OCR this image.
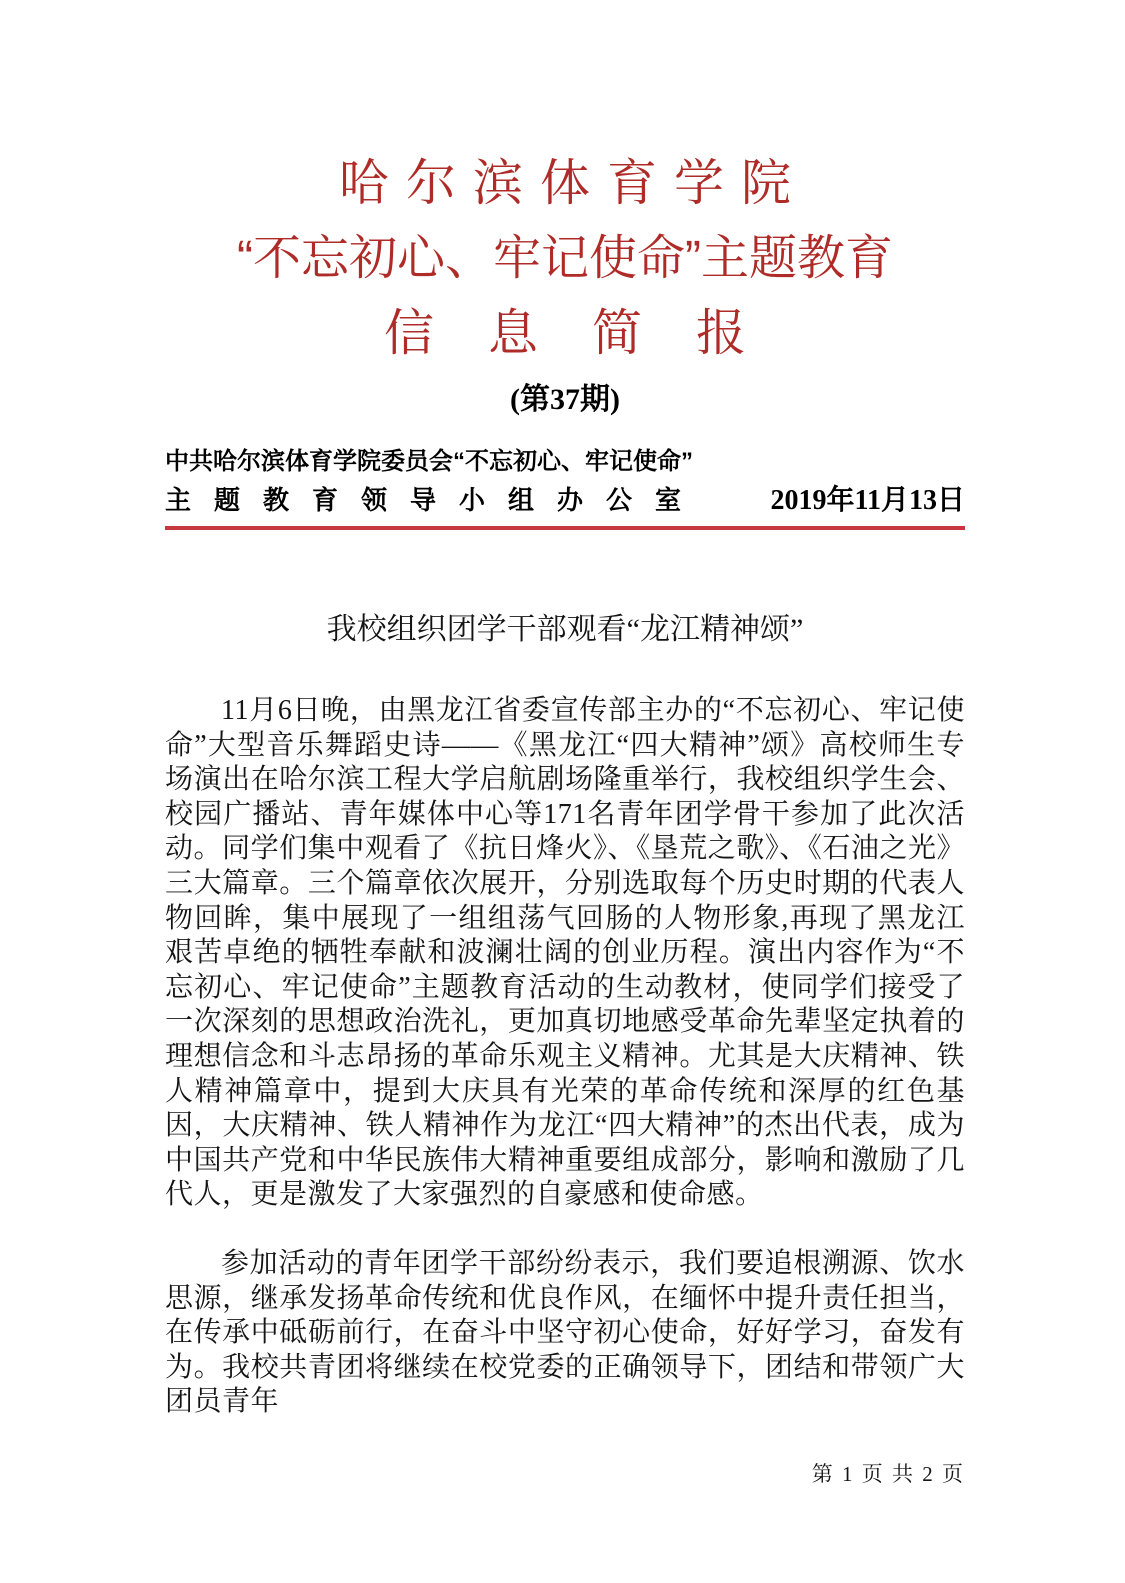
哈尔滨体育学院
“不忘初心、牢记使命”主题教育
信息简报
(第37期)
中共哈尔滨体育学院委员会“不忘初心、牢记使命”
主题教育领导小组办公室 2019年11月13日
我校组织团学干部观看“龙江精神颂”

11月6日晚，由黑龙江省委宣传部主办的“不忘初心、牢记使命”大型音乐舞蹈史诗——《黑龙江“四大精神”颂》高校师生专场演出在哈尔滨工程大学启航剧场隆重举行，我校组织学生会、校园广播站、青年媒体中心等171名青年团学骨干参加了此次活动。同学们集中观看了《抗日烽火》、《垦荒之歌》、《石油之光》三大篇章。三个篇章依次展开，分别选取每个历史时期的代表人物回眸，集中展现了一组组荡气回肠的人物形象,再现了黑龙江艰苦卓绝的牺牲奉献和波澜壮阔的创业历程。演出内容作为“不忘初心、牢记使命”主题教育活动的生动教材，使同学们接受了一次深刻的思想政治洗礼，更加真切地感受革命先辈坚定执着的理想信念和斗志昂扬的革命乐观主义精神。尤其是大庆精神、铁人精神篇章中，提到大庆具有光荣的革命传统和深厚的红色基因，大庆精神、铁人精神作为龙江“四大精神”的杰出代表，成为中国共产党和中华民族伟大精神重要组成部分，影响和激励了几代人，更是激发了大家强烈的自豪感和使命感。

参加活动的青年团学干部纷纷表示，我们要追根溯源、饮水思源，继承发扬革命传统和优良作风，在缅怀中提升责任担当，在传承中砥砺前行，在奋斗中坚守初心使命，好好学习，奋发有为。我校共青团将继续在校党委的正确领导下，团结和带领广大团员青年

第 1 页 共 2 页
